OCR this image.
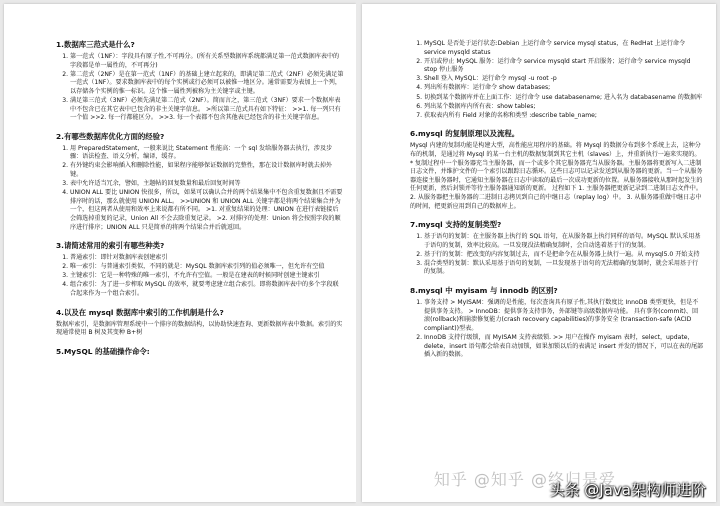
1.数据库三范式是什么?
1. 第一范式（1NF）：字段具有原子性,不可再分。(所有关系型数据库系统都满足第一范式数据库表中的字段都是单一属性的，不可再分)
2. 第二范式（2NF）是在第一范式（1NF）的基础上建立起来的，即满足第二范式（2NF）必须先满足第一范式（1NF）。要求数据库表中的每个实例或行必须可以被惟一地区分。通常需要为表加上一个列，以存储各个实例的惟一标识。这个惟一属性列被称为主关键字或主键。
3. 满足第三范式（3NF）必须先满足第二范式（2NF）。简而言之，第三范式（3NF）要求一个数据库表中不包含已在其它表中已包含的非主关键字信息。 >所以第三范式具有如下特征： >>1. 每一列只有一个值 >>2. 每一行都能区分。 >>3. 每一个表都不包含其他表已经包含的非主关键字信息。
2.有哪些数据库优化方面的经验?
1. 用 PreparedStatement，一般来说比 Statement 性能高：一个 sql 发给服务器去执行，涉及步骤：语法检查、语义分析，编译，缓存。
2. 有外键约束会影响插入和删除性能，如果程序能够保证数据的完整性，那在设计数据库时就去掉外键。
3. 表中允许适当冗余，譬如，主题帖的回复数量和最后回复时间等
4. UNION ALL 要比 UNION 快很多，所以，如果可以确认合并的两个结果集中不包含重复数据且不需要排序时的话，那么就使用 UNION ALL。 >>UNION 和 UNION ALL 关键字都是将两个结果集合并为一个，但这两者从使用和效率上来说都有所不同。 >1. 对重复结果的处理：UNION 在进行表链接后会筛选掉重复的记录，Union All 不会去除重复记录。 >2. 对排序的处理：Union 将会按照字段的顺序进行排序；UNION ALL 只是简单的将两个结果合并后就返回。
3.请简述常用的索引有哪些种类?
1. 普通索引：即针对数据库表创建索引
2. 唯一索引：与普通索引类似，不同的就是：MySQL 数据库索引列的值必须唯一，但允许有空值
3. 主键索引：它是一种特殊的唯一索引，不允许有空值。一般是在建表的时候同时创建主键索引
4. 组合索引：为了进一步榨取 MySQL 的效率，就要考虑建立组合索引。即将数据库表中的多个字段联合起来作为一个组合索引。
4.以及在 mysql 数据库中索引的工作机制是什么?

数据库索引，是数据库管理系统中一个排序的数据结构，以协助快速查询、更新数据库表中数据。索引的实现通常使用 B 树及其变种 B+树

5.MySQL 的基础操作命令:
1. MySQL 是否处于运行状态:Debian 上运行命令 service mysql status，在 RedHat 上运行命令 service mysqld status
2. 开启或停止 MySQL 服务：运行命令 service mysqld start 开启服务；运行命令 service mysqld stop 停止服务
3. Shell 登入 MySQL：运行命令 mysql -u root -p
4. 列出所有数据库：运行命令 show databases;
5. 切换到某个数据库并在上面工作：运行命令 use databasename; 进入名为 databasename 的数据库
6. 列出某个数据库内所有表：show tables;
7. 获取表内所有 Field 对象的名称和类型 :describe table_name;
6.mysql 的复制原理以及流程。

Mysql 内建的复制功能是构建大型，高性能应用程序的基础。将 Mysql 的数据分布到多个系统上去，这种分布的机制，是通过将 Mysql 的某一台主机的数据复制到其它主机（slaves）上，并重新执行一遍来实现的。 * 复制过程中一个服务器充当主服务器，而一个或多个其它服务器充当从服务器。主服务器将更新写入二进制日志文件，并维护文件的一个索引以跟踪日志循环。这些日志可以记录发送到从服务器的更新。当一个从服务器连接主服务器时，它通知主服务器在日志中读取的最后一次成功更新的位置。从服务器接收从那时起发生的任何更新，然后封锁并等待主服务器通知新的更新。 过程如下 1. 主服务器把更新记录到二进制日志文件中。 2. 从服务器把主服务器的二进制日志拷贝到自己的中继日志（replay log）中。 3. 从服务器重做中继日志中的时间，把更新应用到自己的数据库上。

7.mysql 支持的复制类型?
1. 基于语句的复制：在主服务器上执行的 SQL 语句，在从服务器上执行同样的语句。MySQL 默认采用基于语句的复制，效率比较高。一旦发现没法精确复制时，会自动选着基于行的复制。
2. 基于行的复制：把改变的内容复制过去，而不是把命令在从服务器上执行一遍。从 mysql5.0 开始支持
3. 混合类型的复制：默认采用基于语句的复制，一旦发现基于语句的无法精确的复制时，就会采用基于行的复制。
8.mysql 中 myisam 与 innodb 的区别?
1. 事务支持 > MyISAM：强调的是性能，每次查询具有原子性,其执行数度比 InnoDB 类型更快，但是不提供事务支持。 > InnoDB：提供事务支持事务，外部键等高级数据库功能。 具有事务(commit)、回滚(rollback)和崩溃修复能力(crash recovery capabilities)的事务安全 (transaction-safe (ACID compliant))型表。
2. InnoDB 支持行级锁，而 MyISAM 支持表级锁. >> 用户在操作 myisam 表时，select，update，delete，insert 语句都会给表自动加锁，如果加锁以后的表满足 insert 并发的情况下，可以在表的尾部插入新的数据。
知乎 @知乎 @终归是爱
头条 @Java架构师进阶
